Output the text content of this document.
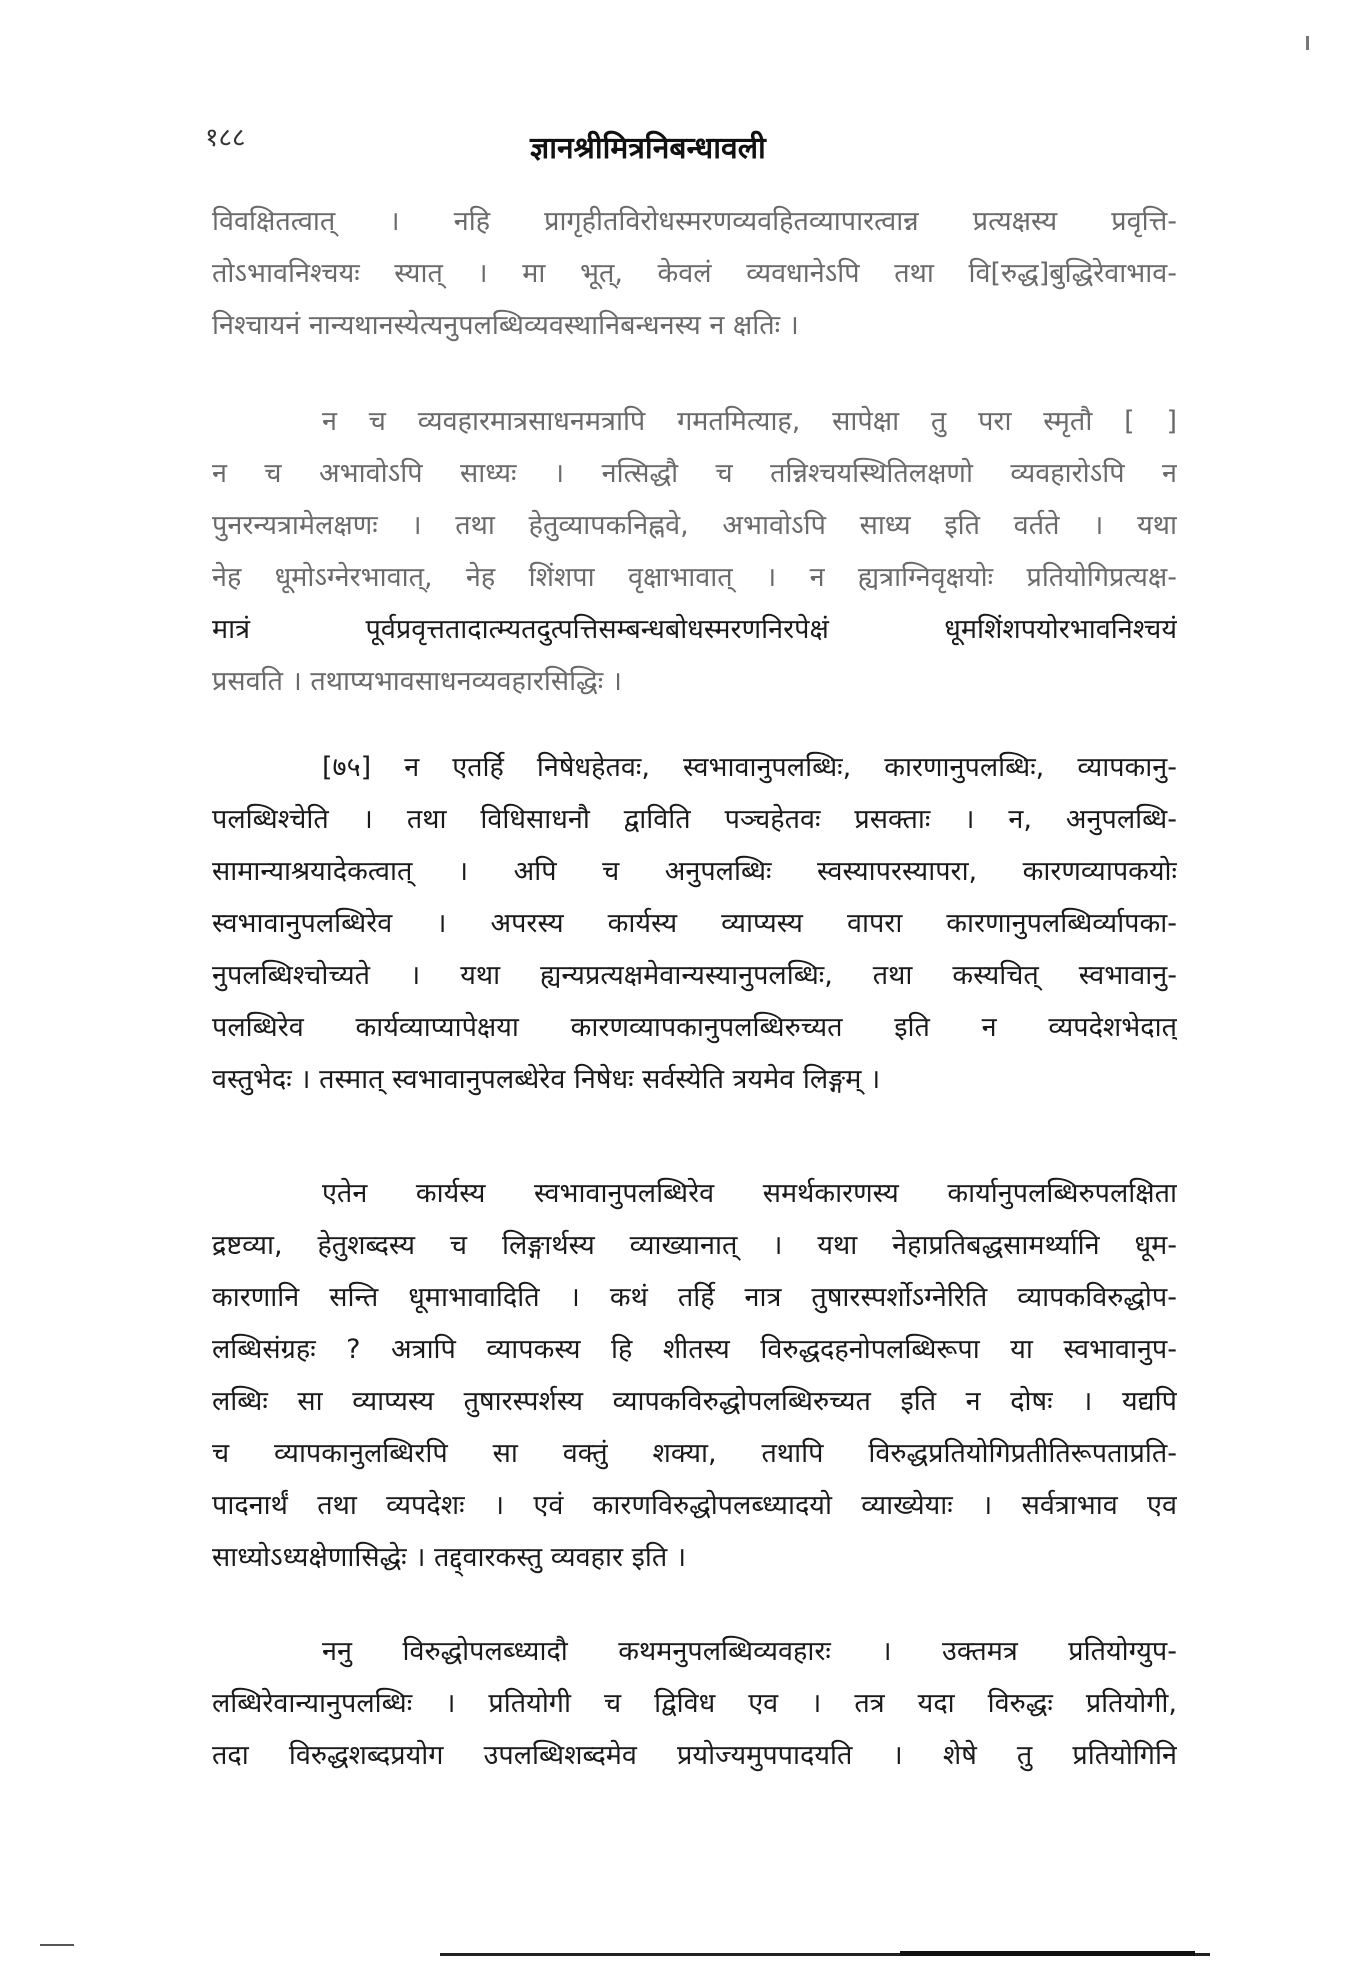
१८८	ज्ञानश्रीमित्रनिबन्धावली
विवक्षितत्वात् । नहि प्रागृहीतविरोधस्मरणव्यवहितव्यापारत्वान्न प्रत्यक्षस्य प्रवृत्ति-
तोऽभावनिश्चयः स्यात् । मा भूत्, केवलं व्यवधानेऽपि तथा वि[रुद्ध]बुद्धिरेवाभाव-
निश्चायनं नान्यथानस्येत्यनुपलब्धिव्यवस्थानिबन्धनस्य न क्षतिः ।
न च व्यवहारमात्रसाधनमत्रापि गमतमित्याह, सापेक्षा तु परा स्मृतौ [ ]
न च अभावोऽपि साध्यः । नत्सिद्धौ च तन्निश्चयस्थितिलक्षणो व्यवहारोऽपि न
पुनरन्यत्रामेलक्षणः । तथा हेतुव्यापकनिह्नवे, अभावोऽपि साध्य इति वर्तते । यथा
नेह धूमोऽग्नेरभावात्, नेह शिंशपा वृक्षाभावात् । न ह्यत्राग्निवृक्षयोः प्रतियोगिप्रत्यक्ष-
मात्रं पूर्वप्रवृत्ततादात्म्यतदुत्पत्तिसम्बन्धबोधस्मरणनिरपेक्षं धूमशिंशपयोरभावनिश्चयं
प्रसवति । तथाप्यभावसाधनव्यवहारसिद्धिः ।
[७५] न एतर्हि निषेधहेतवः, स्वभावानुपलब्धिः, कारणानुपलब्धिः, व्यापकानु-
पलब्धिश्चेति । तथा विधिसाधनौ द्वाविति पञ्चहेतवः प्रसक्ताः । न, अनुपलब्धि-
सामान्याश्रयादेकत्वात् । अपि च अनुपलब्धिः स्वस्यापरस्यापरा, कारणव्यापकयोः
स्वभावानुपलब्धिरेव । अपरस्य कार्यस्य व्याप्यस्य वापरा कारणानुपलब्धिर्व्यापका-
नुपलब्धिश्चोच्यते । यथा ह्यन्यप्रत्यक्षमेवान्यस्यानुपलब्धिः, तथा कस्यचित् स्वभावानु-
पलब्धिरेव कार्यव्याप्यापेक्षया कारणव्यापकानुपलब्धिरुच्यत इति न व्यपदेशभेदात्
वस्तुभेदः । तस्मात् स्वभावानुपलब्धेरेव निषेधः सर्वस्येति त्रयमेव लिङ्गम् ।
एतेन कार्यस्य स्वभावानुपलब्धिरेव समर्थकारणस्य कार्यानुपलब्धिरुपलक्षिता
द्रष्टव्या, हेतुशब्दस्य च लिङ्गार्थस्य व्याख्यानात् । यथा नेहाप्रतिबद्धसामर्थ्यानि धूम-
कारणानि सन्ति धूमाभावादिति । कथं तर्हि नात्र तुषारस्पर्शोऽग्नेरिति व्यापकविरुद्धोप-
लब्धिसंग्रहः ? अत्रापि व्यापकस्य हि शीतस्य विरुद्धदहनोपलब्धिरूपा या स्वभावानुप-
लब्धिः सा व्याप्यस्य तुषारस्पर्शस्य व्यापकविरुद्धोपलब्धिरुच्यत इति न दोषः । यद्यपि
च व्यापकानुलब्धिरपि सा वक्तुं शक्या, तथापि विरुद्धप्रतियोगिप्रतीतिरूपताप्रति-
पादनार्थं तथा व्यपदेशः । एवं कारणविरुद्धोपलब्ध्यादयो व्याख्येयाः । सर्वत्राभाव एव
साध्योऽध्यक्षेणासिद्धेः । तद्द्वारकस्तु व्यवहार इति ।
ननु विरुद्धोपलब्ध्यादौ कथमनुपलब्धिव्यवहारः । उक्तमत्र प्रतियोग्युप-
लब्धिरेवान्यानुपलब्धिः । प्रतियोगी च द्विविध एव । तत्र यदा विरुद्धः प्रतियोगी,
तदा विरुद्धशब्दप्रयोग उपलब्धिशब्दमेव प्रयोज्यमुपपादयति । शेषे तु प्रतियोगिनि
